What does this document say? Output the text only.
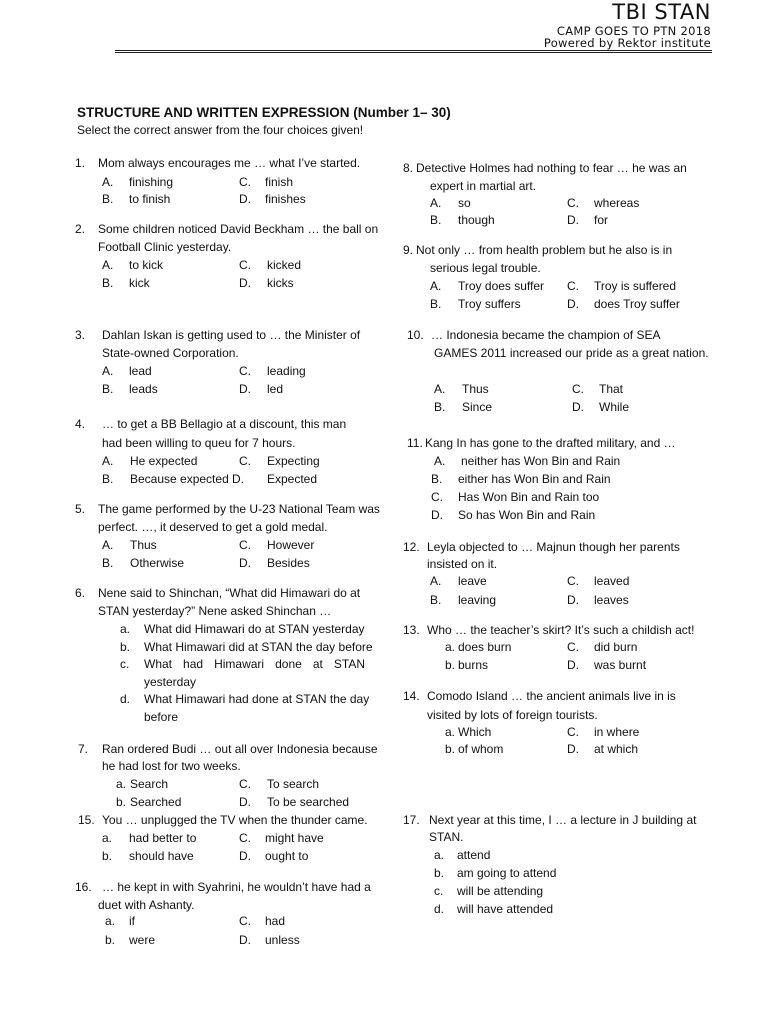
TBI STAN
CAMP GOES TO PTN 2018
Powered by Rektor institute
STRUCTURE AND WRITTEN EXPRESSION (Number 1– 30)
Select the correct answer from the four choices given!
1. Mom always encourages me … what I’ve started.
A. finishing	C. finish
B. to finish	D. finishes
2. Some children noticed David Beckham … the ball on
Football Clinic yesterday.
A. to kick	C. kicked
B. kick	D. kicks
3. Dahlan Iskan is getting used to … the Minister of
State-owned Corporation.
A. lead	C. leading
B. leads	D. led
4. … to get a BB Bellagio at a discount, this man
had been willing to queu for 7 hours.
A. He expected	C. Expecting
B. Because expected D. Expected
5. The game performed by the U-23 National Team was
perfect. …, it deserved to get a gold medal.
A. Thus	C. However
B. Otherwise	D. Besides
6. Nene said to Shinchan, “What did Himawari do at
STAN yesterday?” Nene asked Shinchan …
a. What did Himawari do at STAN yesterday
b. What Himawari did at STAN the day before
c. What had Himawari done at STAN
yesterday
d. What Himawari had done at STAN the day
before
7. Ran ordered Budi … out all over Indonesia because
he had lost for two weeks.
a. Search	C. To search
b. Searched	D. To be searched
15. You … unplugged the TV when the thunder came.
a. had better to	C. might have
b. should have	D. ought to
16. … he kept in with Syahrini, he wouldn’t have had a
duet with Ashanty.
a. if	C. had
b. were	D. unless
8. Detective Holmes had nothing to fear … he was an
expert in martial art.
A. so	C. whereas
B. though	D. for
9. Not only … from health problem but he also is in
serious legal trouble.
A. Troy does suffer C. Troy is suffered
B. Troy suffers	D. does Troy suffer
10. … Indonesia became the champion of SEA
GAMES 2011 increased our pride as a great nation.
A. Thus	C. That
B. Since	D. While
11. Kang In has gone to the drafted military, and …
A. neither has Won Bin and Rain
B. either has Won Bin and Rain
C. Has Won Bin and Rain too
D. So has Won Bin and Rain
12. Leyla objected to … Majnun though her parents
insisted on it.
A. leave	C. leaved
B. leaving	D. leaves
13. Who … the teacher’s skirt? It’s such a childish act!
a. does burn	C. did burn
b. burns	D. was burnt
14. Comodo Island … the ancient animals live in is
visited by lots of foreign tourists.
a. Which	C. in where
b. of whom	D. at which
17. Next year at this time, I … a lecture in J building at
STAN.
a. attend
b. am going to attend
c. will be attending
d. will have attended
